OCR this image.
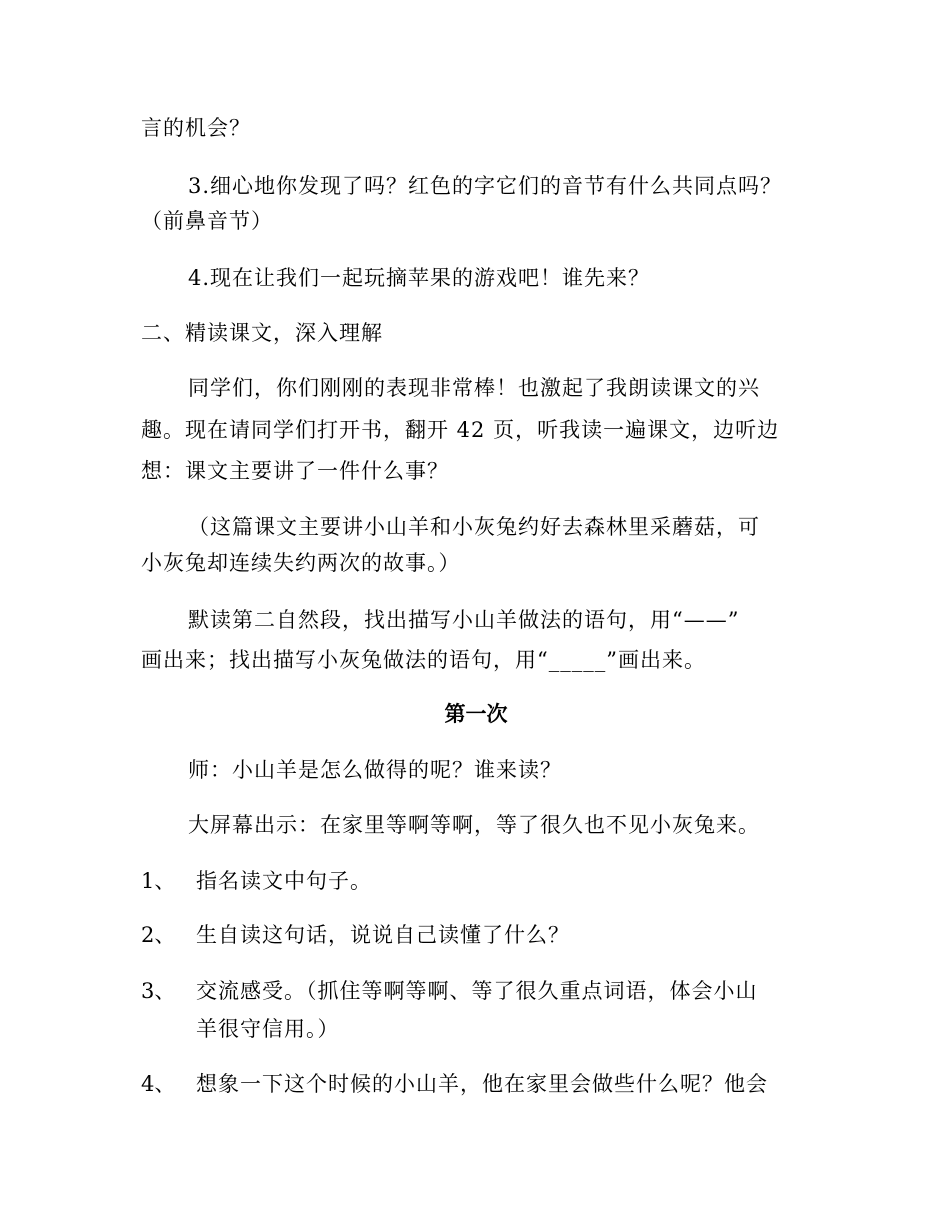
言的机会？
3.细心地你发现了吗？红色的字它们的音节有什么共同点吗？
（前鼻音节）
4.现在让我们一起玩摘苹果的游戏吧！谁先来？
二、精读课文，深入理解
同学们，你们刚刚的表现非常棒！也激起了我朗读课文的兴
趣。现在请同学们打开书，翻开 42 页，听我读一遍课文，边听边
想：课文主要讲了一件什么事？
（这篇课文主要讲小山羊和小灰兔约好去森林里采蘑菇，可
小灰兔却连续失约两次的故事。）
默读第二自然段，找出描写小山羊做法的语句，用“——”
画出来；找出描写小灰兔做法的语句，用“_____”画出来。
第一次
师：小山羊是怎么做得的呢？谁来读？
大屏幕出示：在家里等啊等啊，等了很久也不见小灰兔来。
1、 指名读文中句子。
2、 生自读这句话，说说自己读懂了什么？
3、 交流感受。（抓住等啊等啊、等了很久重点词语，体会小山
羊很守信用。）
4、 想象一下这个时候的小山羊，他在家里会做些什么呢？他会
